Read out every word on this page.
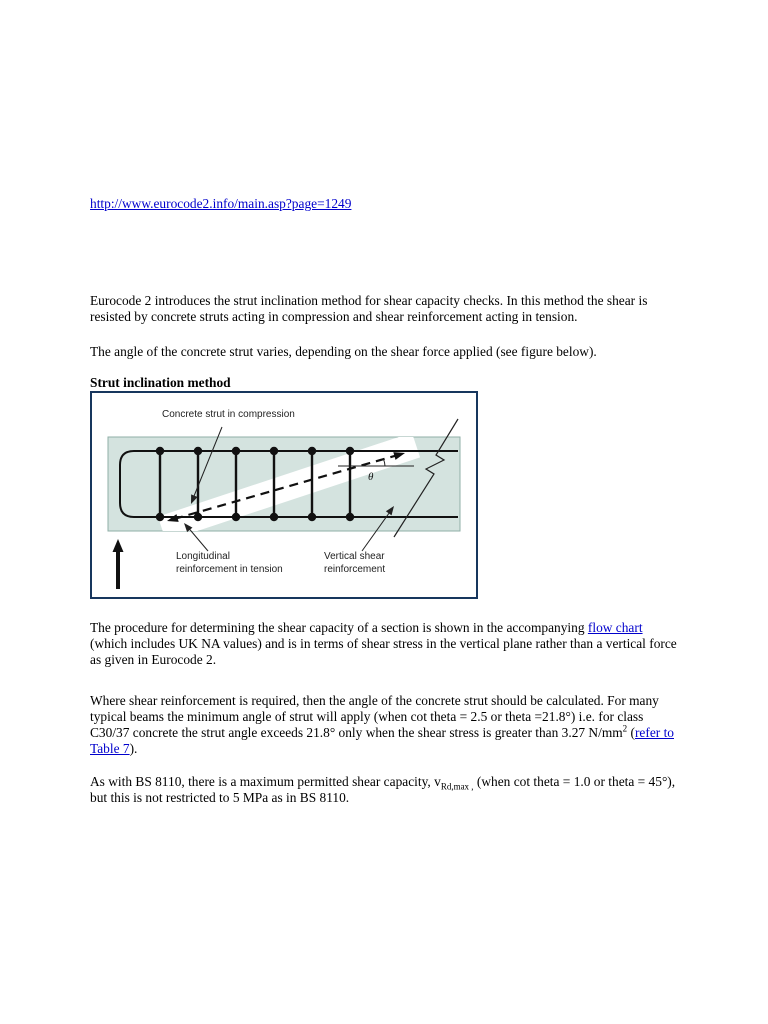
http://www.eurocode2.info/main.asp?page=1249

Eurocode 2 introduces the strut inclination method for shear capacity checks. In this method the shear is resisted by concrete struts acting in compression and shear reinforcement acting in tension.

The angle of the concrete strut varies, depending on the shear force applied (see figure below).

Strut inclination method

θ
Concrete strut in compression
Longitudinal
reinforcement in tension
Vertical shear
reinforcement

The procedure for determining the shear capacity of a section is shown in the accompanying flow chart (which includes UK NA values) and is in terms of shear stress in the vertical plane rather than a vertical force as given in Eurocode 2.

Where shear reinforcement is required, then the angle of the concrete strut should be calculated. For many typical beams the minimum angle of strut will apply (when cot theta = 2.5 or theta =21.8°) i.e. for class C30/37 concrete the strut angle exceeds 21.8° only when the shear stress is greater than 3.27 $N/mm^2$ (refer to Table 7).

As with BS 8110, there is a maximum permitted shear capacity, $v_{Rd,max ,}$ (when cot theta = 1.0 or theta = 45°), but this is not restricted to 5 MPa as in BS 8110.
